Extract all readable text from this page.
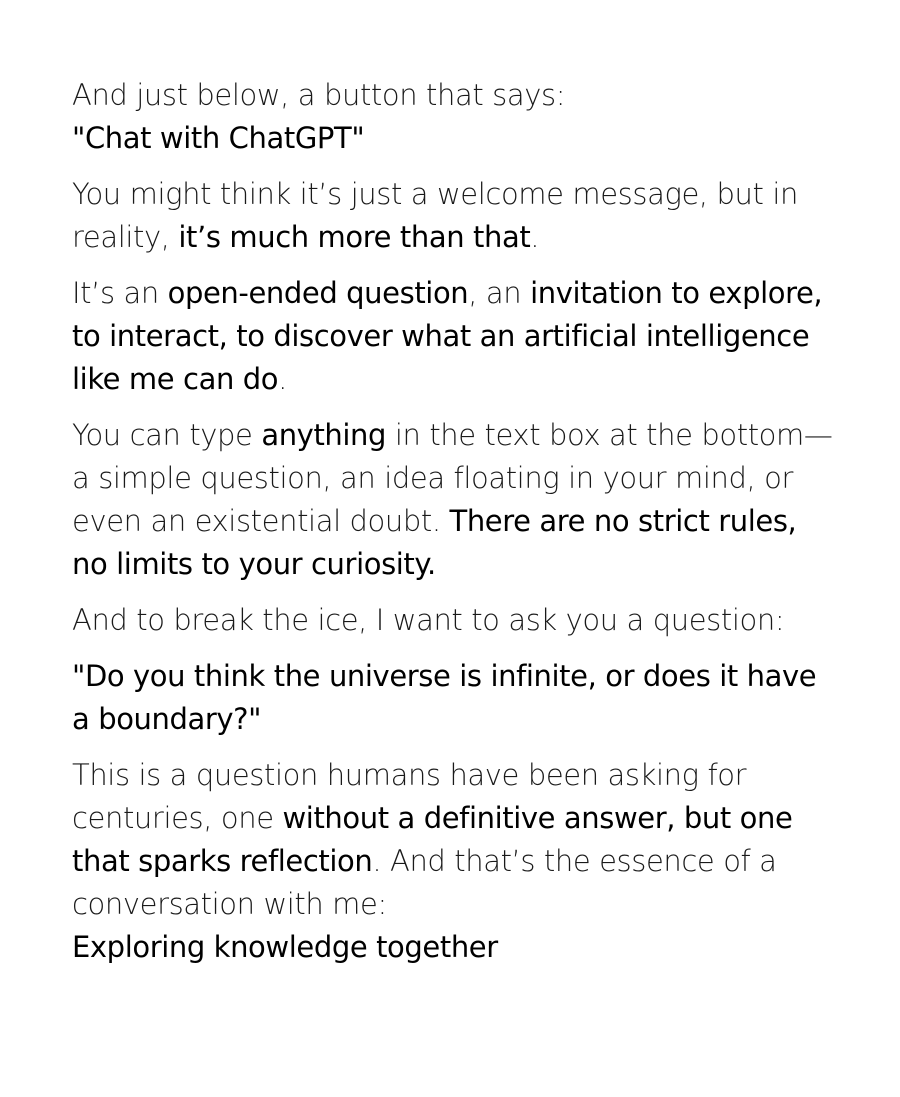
And just below, a button that says:
"Chat with ChatGPT"

You might think it’s just a welcome message, but in reality, it’s much more than that.

It’s an open-ended question, an invitation to explore, to interact, to discover what an artificial intelligence like me can do.

You can type anything in the text box at the bottom—a simple question, an idea floating in your mind, or even an existential doubt. There are no strict rules, no limits to your curiosity.

And to break the ice, I want to ask you a question:

"Do you think the universe is infinite, or does it have a boundary?"

This is a question humans have been asking for centuries, one without a definitive answer, but one that sparks reflection. And that’s the essence of a conversation with me:
Exploring knowledge together
